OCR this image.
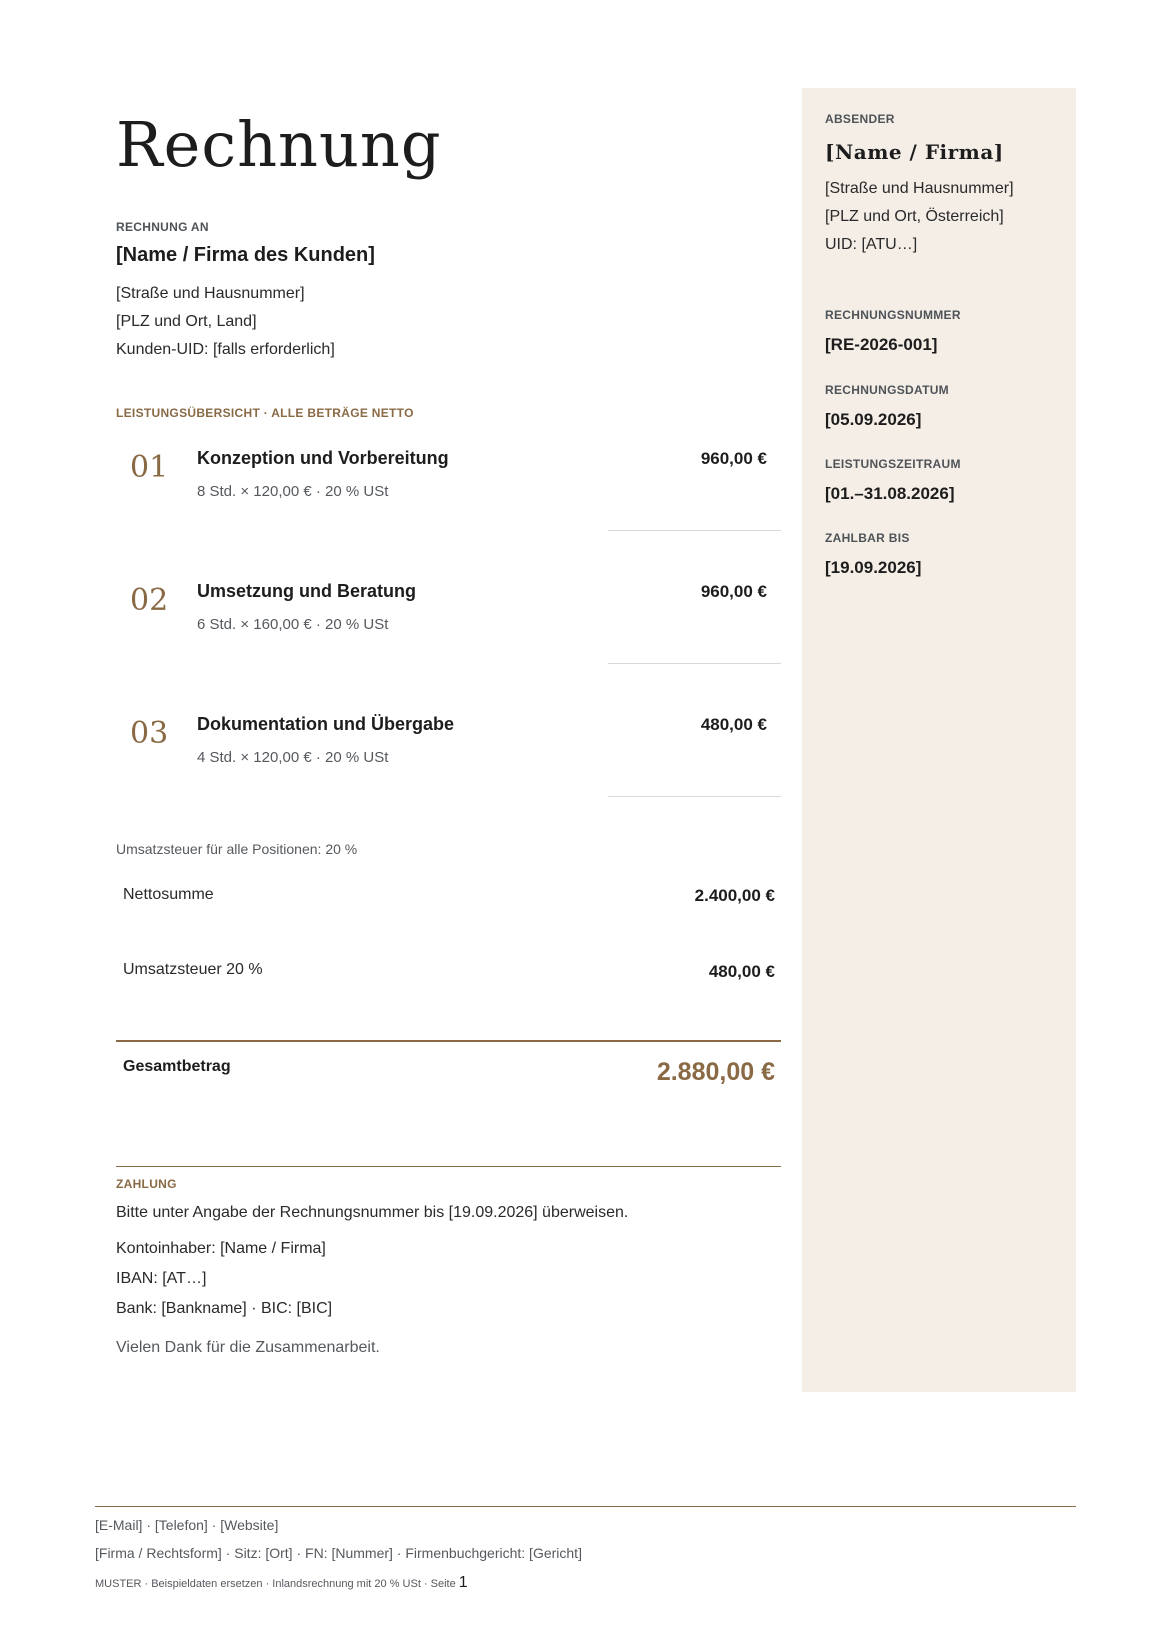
Rechnung
RECHNUNG AN
[Name / Firma des Kunden]
[Straße und Hausnummer]
[PLZ und Ort, Land]
Kunden-UID: [falls erforderlich]
LEISTUNGSÜBERSICHT · ALLE BETRÄGE NETTO
01 Konzeption und Vorbereitung
8 Std. × 120,00 € · 20 % USt
960,00 €
02 Umsetzung und Beratung
6 Std. × 160,00 € · 20 % USt
960,00 €
03 Dokumentation und Übergabe
4 Std. × 120,00 € · 20 % USt
480,00 €
Umsatzsteuer für alle Positionen: 20 %
Nettosumme	2.400,00 €
Umsatzsteuer 20 %	480,00 €
Gesamtbetrag	2.880,00 €
ZAHLUNG
Bitte unter Angabe der Rechnungsnummer bis [19.09.2026] überweisen.
Kontoinhaber: [Name / Firma]
IBAN: [AT…]
Bank: [Bankname] · BIC: [BIC]
Vielen Dank für die Zusammenarbeit.
ABSENDER
[Name / Firma]
[Straße und Hausnummer]
[PLZ und Ort, Österreich]
UID: [ATU…]
RECHNUNGSNUMMER
[RE-2026-001]
RECHNUNGSDATUM
[05.09.2026]
LEISTUNGSZEITRAUM
[01.–31.08.2026]
ZAHLBAR BIS
[19.09.2026]
[E-Mail] · [Telefon] · [Website]
[Firma / Rechtsform] · Sitz: [Ort] · FN: [Nummer] · Firmenbuchgericht: [Gericht]
MUSTER · Beispieldaten ersetzen · Inlandsrechnung mit 20 % USt · Seite 1
